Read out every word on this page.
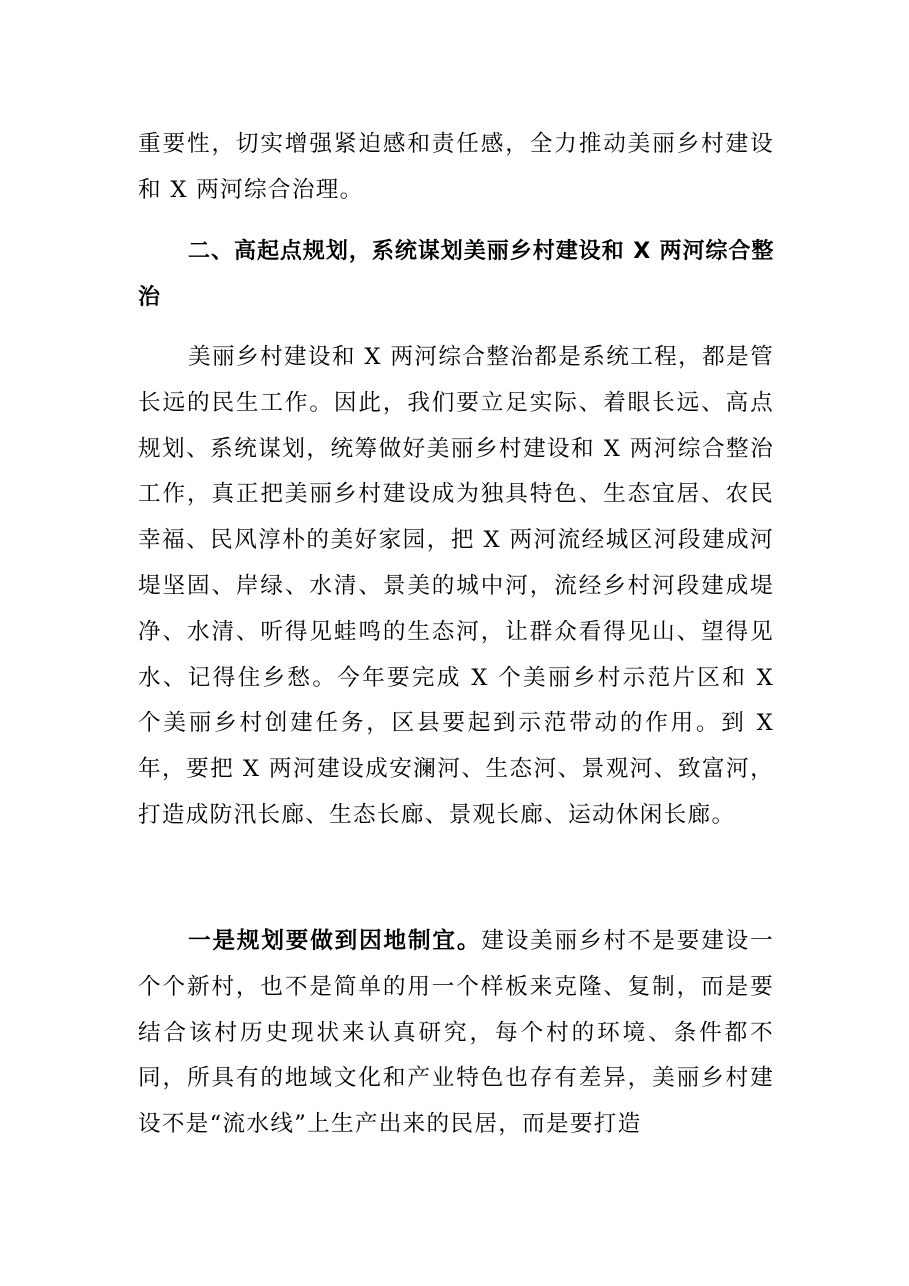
重要性，切实增强紧迫感和责任感，全力推动美丽乡村建设和 X 两河综合治理。

二、高起点规划，系统谋划美丽乡村建设和 X 两河综合整治

美丽乡村建设和 X 两河综合整治都是系统工程，都是管长远的民生工作。因此，我们要立足实际、着眼长远、高点规划、系统谋划，统筹做好美丽乡村建设和 X 两河综合整治工作，真正把美丽乡村建设成为独具特色、生态宜居、农民幸福、民风淳朴的美好家园，把 X 两河流经城区河段建成河堤坚固、岸绿、水清、景美的城中河，流经乡村河段建成堤净、水清、听得见蛙鸣的生态河，让群众看得见山、望得见水、记得住乡愁。今年要完成 X 个美丽乡村示范片区和 X 个美丽乡村创建任务，区县要起到示范带动的作用。到 X 年，要把 X 两河建设成安澜河、生态河、景观河、致富河，打造成防汛长廊、生态长廊、景观长廊、运动休闲长廊。

一是规划要做到因地制宜。建设美丽乡村不是要建设一个个新村，也不是简单的用一个样板来克隆、复制，而是要结合该村历史现状来认真研究，每个村的环境、条件都不同，所具有的地域文化和产业特色也存有差异，美丽乡村建设不是“流水线”上生产出来的民居，而是要打造
